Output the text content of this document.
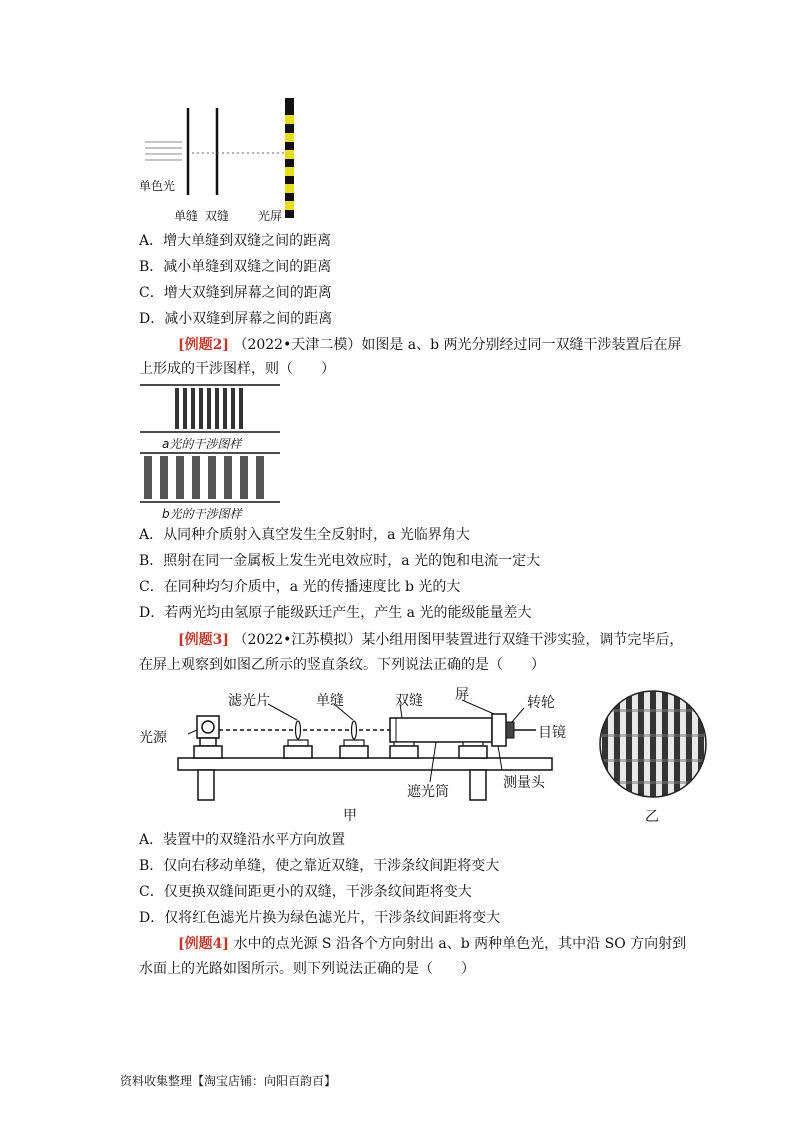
单色光
单缝 双缝 光屏
A．增大单缝到双缝之间的距离
B．减小单缝到双缝之间的距离
C．增大双缝到屏幕之间的距离
D．减小双缝到屏幕之间的距离
[例题2] （2022•天津二模）如图是 a、b 两光分别经过同一双缝干涉装置后在屏
上形成的干涉图样，则（　　）
a光的干涉图样
b光的干涉图样
A．从同种介质射入真空发生全反射时，a 光临界角大
B．照射在同一金属板上发生光电效应时，a 光的饱和电流一定大
C．在同种均匀介质中，a 光的传播速度比 b 光的大
D．若两光均由氢原子能级跃迁产生，产生 a 光的能级能量差大
[例题3] （2022•江苏模拟）某小组用图甲装置进行双缝干涉实验，调节完毕后，
在屏上观察到如图乙所示的竖直条纹。下列说法正确的是（　　）
滤光片	单缝	双缝 屏	转轮
光源	目镜
遮光筒
测量头
甲	乙
A．装置中的双缝沿水平方向放置
B．仅向右移动单缝，使之靠近双缝，干涉条纹间距将变大
C．仅更换双缝间距更小的双缝，干涉条纹间距将变大
D．仅将红色滤光片换为绿色滤光片，干涉条纹间距将变大
[例题4] 水中的点光源 S 沿各个方向射出 a、b 两种单色光，其中沿 SO 方向射到
水面上的光路如图所示。则下列说法正确的是（　　）
资料收集整理【淘宝店铺：向阳百韵百】
